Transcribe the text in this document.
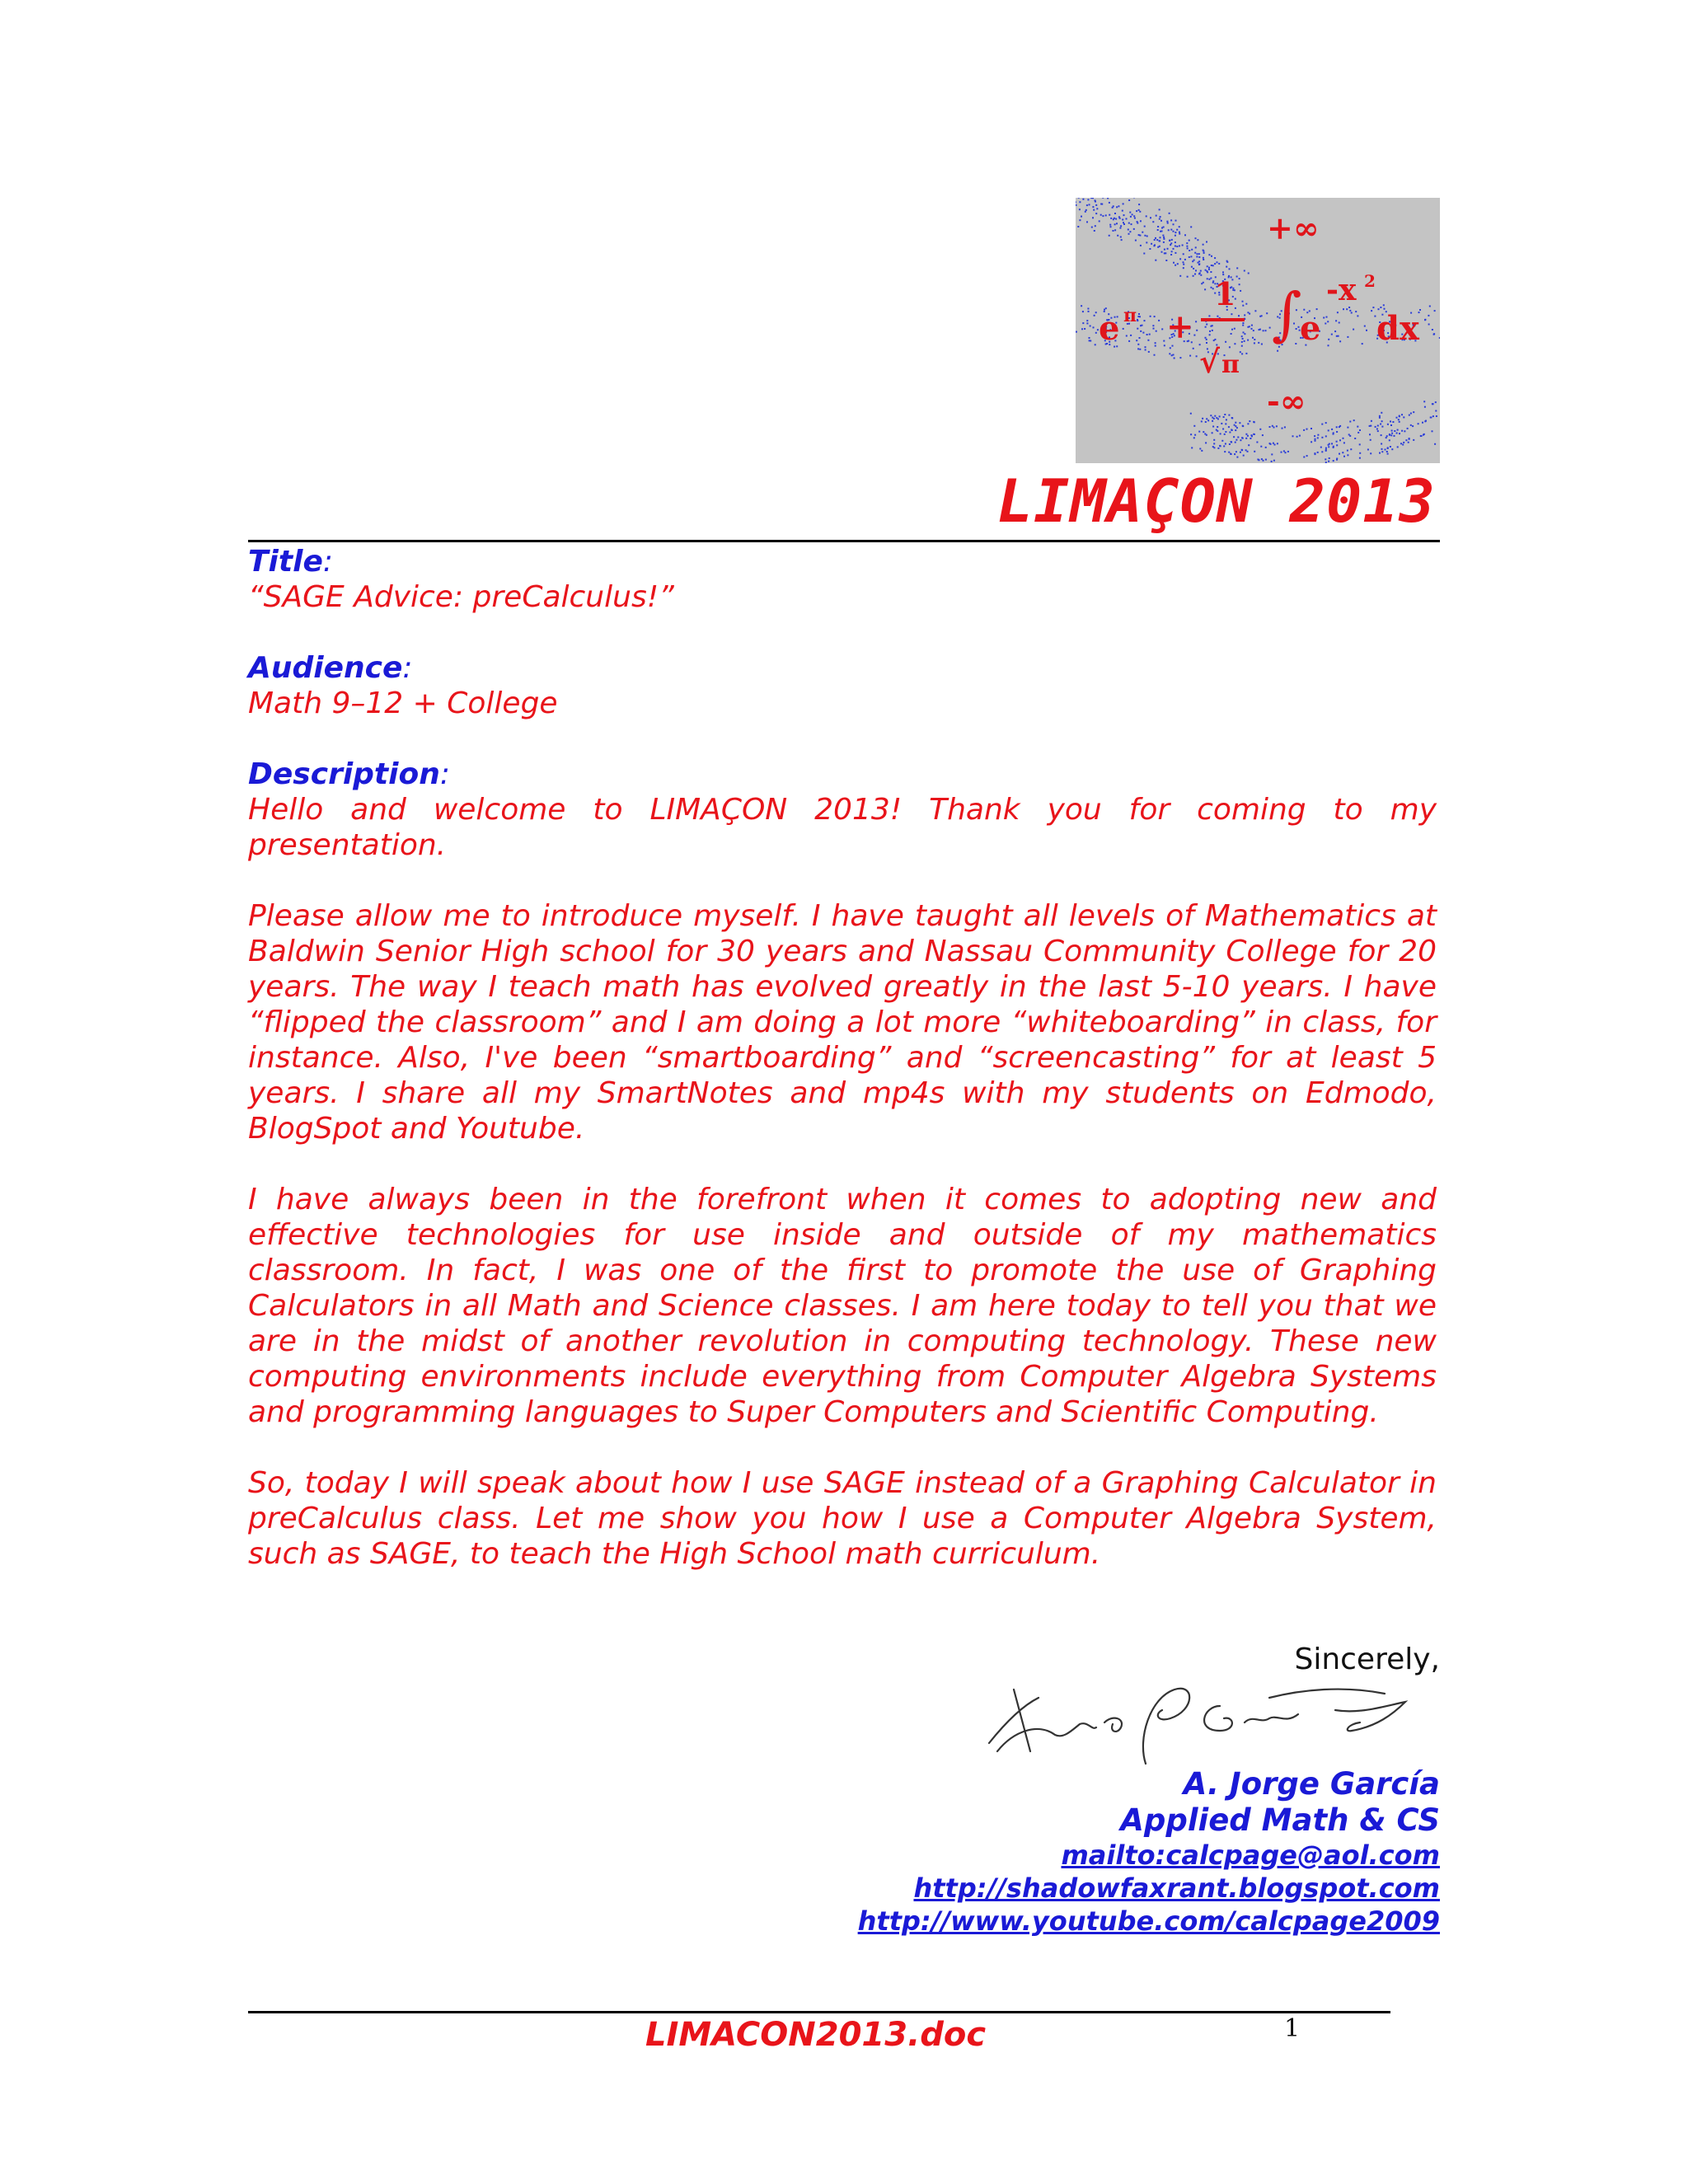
+∞
e π +
1
√ π
∫
e
-x 2
dx
-∞
LIMAÇON 2013

Title:

“SAGE Advice: preCalculus!”

Audience:

Math 9–12 + College

Description:

Hello and welcome to LIMAÇON 2013! Thank you for coming to my presentation.

Please allow me to introduce myself. I have taught all levels of Mathematics at Baldwin Senior High school for 30 years and Nassau Community College for 20 years. The way I teach math has evolved greatly in the last 5-10 years. I have “flipped the classroom” and I am doing a lot more “whiteboarding” in class, for instance. Also, I've been “smartboarding” and “screencasting” for at least 5 years. I share all my SmartNotes and mp4s with my students on Edmodo, BlogSpot and Youtube.

I have always been in the forefront when it comes to adopting new and effective technologies for use inside and outside of my mathematics classroom. In fact, I was one of the first to promote the use of Graphing Calculators in all Math and Science classes. I am here today to tell you that we are in the midst of another revolution in computing technology. These new computing environments include everything from Computer Algebra Systems and programming languages to Super Computers and Scientific Computing.

So, today I will speak about how I use SAGE instead of a Graphing Calculator in preCalculus class. Let me show you how I use a Computer Algebra System, such as SAGE, to teach the High School math curriculum.

Sincerely,
A. Jorge García
Applied Math & CS
mailto:calcpage@aol.com
http://shadowfaxrant.blogspot.com
http://www.youtube.com/calcpage2009
LIMACON2013.doc	1
